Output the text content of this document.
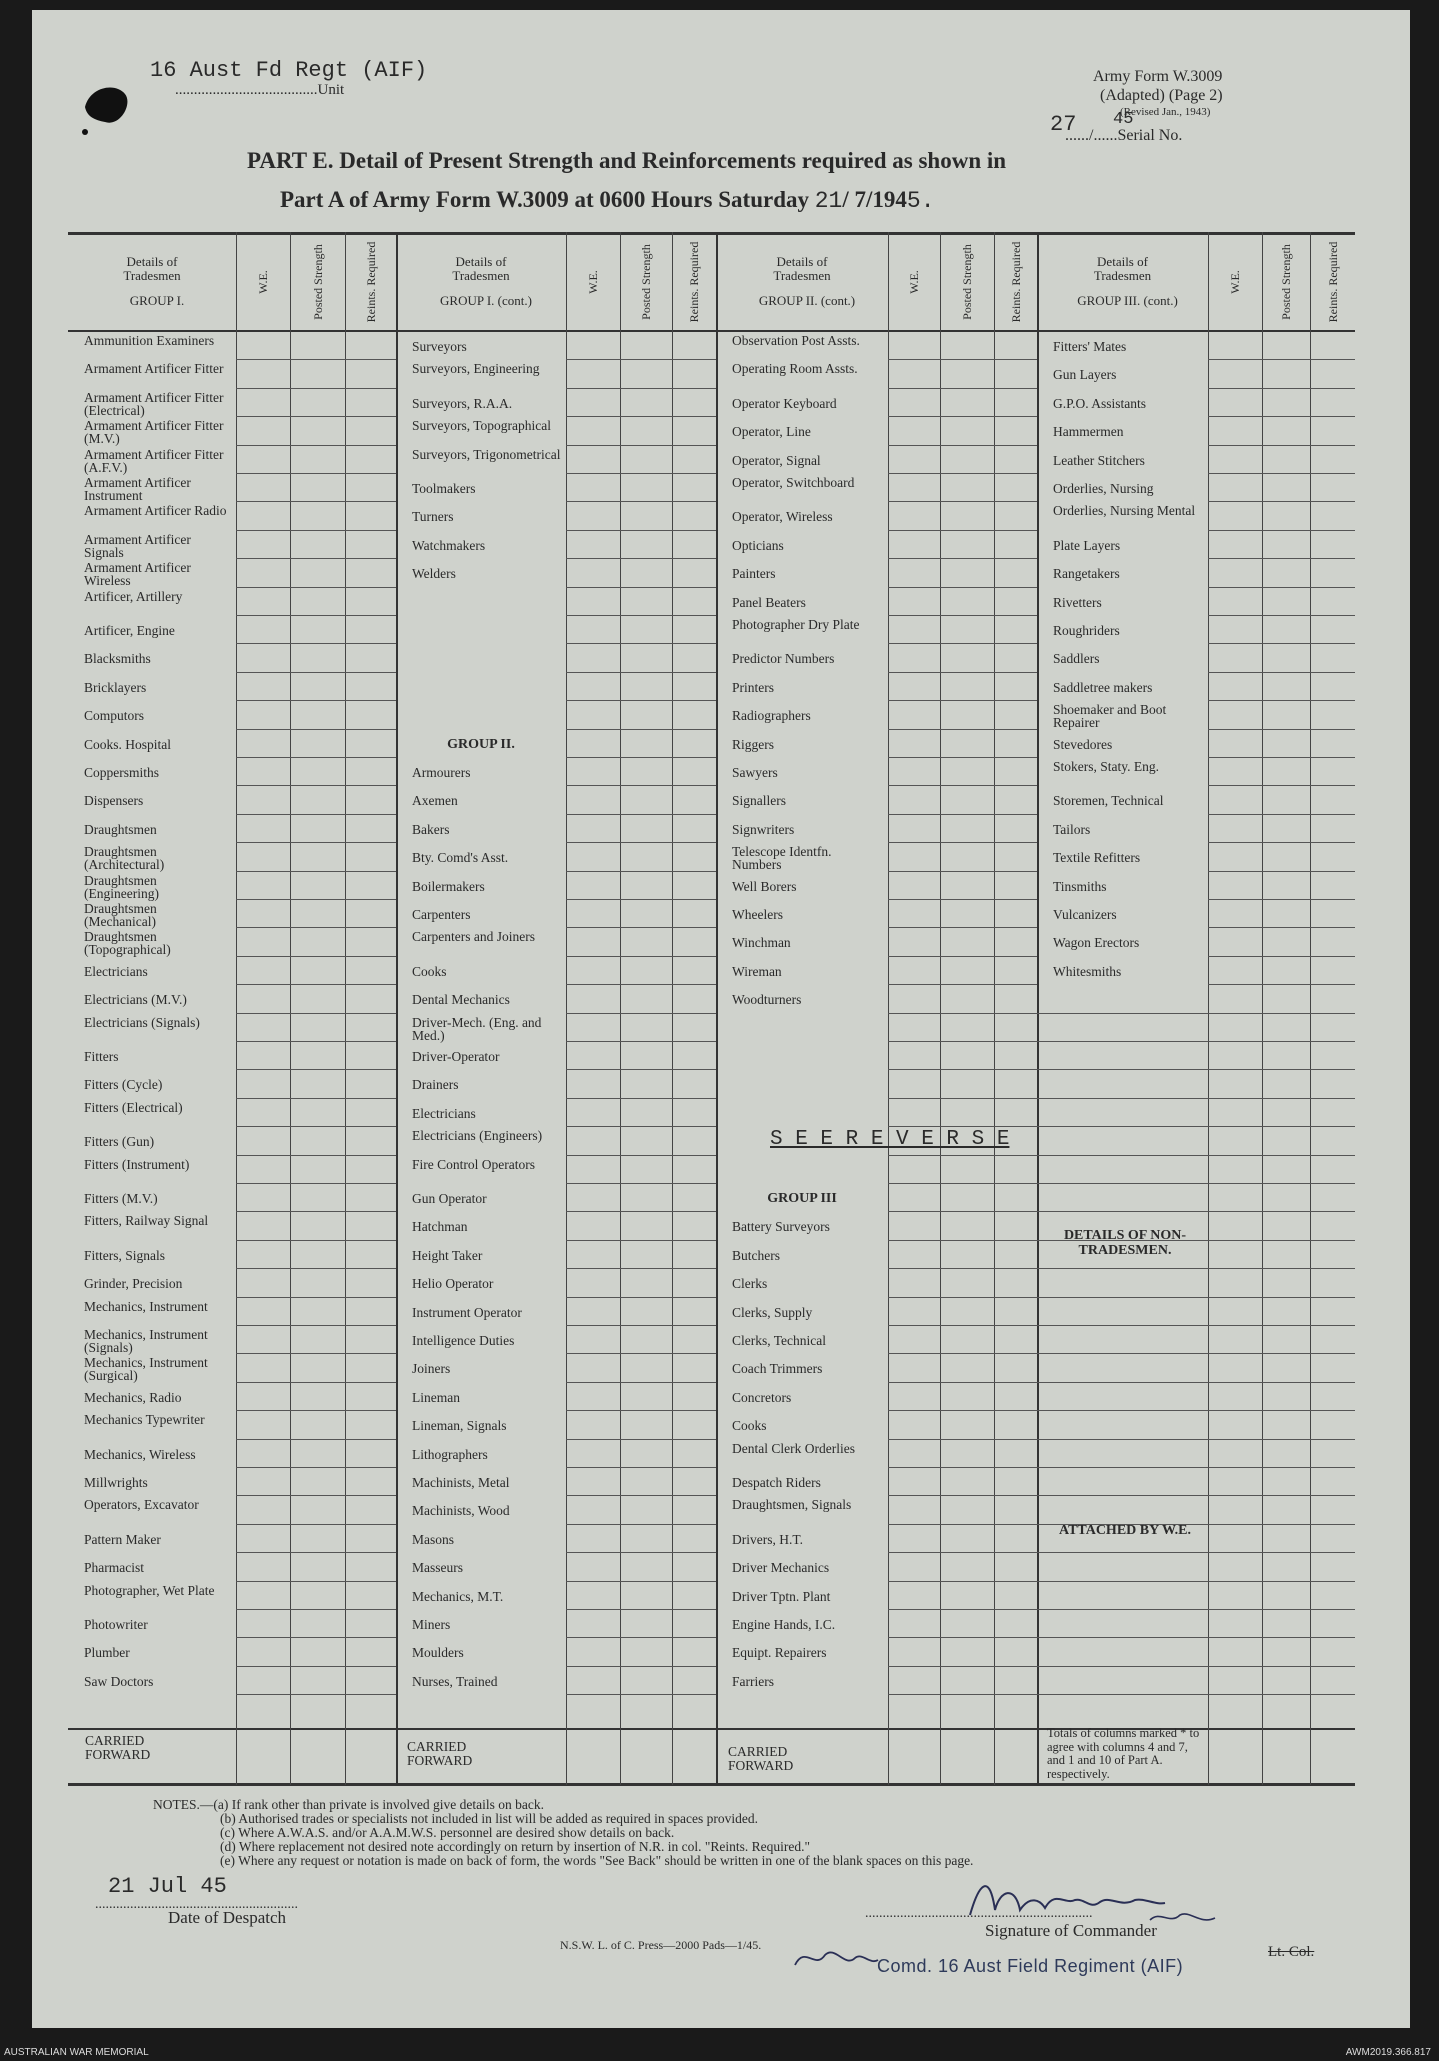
16 Aust Fd Regt (AIF)
......................................Unit
Army Form W.3009
(Adapted) (Page 2)
(Revised Jan., 1943)
45
27
....../......Serial No.
PART E. Detail of Present Strength and Reinforcements required as shown in
Part A of Army Form W.3009 at 0600 Hours Saturday 21/ 7/1945.
Details of
Tradesmen
GROUP I.
W.E.	Posted Strength	Reints. Required
Ammunition Examiners
Armament Artificer Fitter
Armament Artificer Fitter (Electrical)
Armament Artificer Fitter (M.V.)
Armament Artificer Fitter (A.F.V.)
Armament Artificer Instrument
Armament Artificer Radio
Armament Artificer Signals
Armament Artificer Wireless
Artificer, Artillery
Artificer, Engine
Blacksmiths
Bricklayers
Computors
Cooks. Hospital
Coppersmiths
Dispensers
Draughtsmen
Draughtsmen (Architectural)
Draughtsmen (Engineering)
Draughtsmen (Mechanical)
Draughtsmen (Topographical)
Electricians
Electricians (M.V.)
Electricians (Signals)
Fitters
Fitters (Cycle)
Fitters (Electrical)
Fitters (Gun)
Fitters (Instrument)
Fitters (M.V.)
Fitters, Railway Signal
Fitters, Signals
Grinder, Precision
Mechanics, Instrument
Mechanics, Instrument (Signals)
Mechanics, Instrument (Surgical)
Mechanics, Radio
Mechanics Typewriter
Mechanics, Wireless
Millwrights
Operators, Excavator
Pattern Maker
Pharmacist
Photographer, Wet Plate
Photowriter
Plumber
Saw Doctors
Details of
Tradesmen
GROUP I. (cont.)
W.E.	Posted Strength	Reints. Required
Surveyors
Surveyors, Engineering
Surveyors, R.A.A.
Surveyors, Topographical
Surveyors, Trigonometrical
Toolmakers
Turners
Watchmakers
Welders
GROUP II.
Armourers
Axemen
Bakers
Bty. Comd's Asst.
Boilermakers
Carpenters
Carpenters and Joiners
Cooks
Dental Mechanics
Driver-Mech. (Eng. and Med.)
Driver-Operator
Drainers
Electricians
Electricians (Engineers)
Fire Control Operators
Gun Operator
Hatchman
Height Taker
Helio Operator
Instrument Operator
Intelligence Duties
Joiners
Lineman
Lineman, Signals
Lithographers
Machinists, Metal
Machinists, Wood
Masons
Masseurs
Mechanics, M.T.
Miners
Moulders
Nurses, Trained
Details of
Tradesmen
GROUP II. (cont.)
W.E.	Posted Strength	Reints. Required
Observation Post Assts.
Operating Room Assts.
Operator Keyboard
Operator, Line
Operator, Signal
Operator, Switchboard
Operator, Wireless
Opticians
Painters
Panel Beaters
Photographer Dry Plate
Predictor Numbers
Printers
Radiographers
Riggers
Sawyers
Signallers
Signwriters
Telescope Identfn. Numbers
Well Borers
Wheelers
Winchman
Wireman
Woodturners
GROUP III
Battery Surveyors
Butchers
Clerks
Clerks, Supply
Clerks, Technical
Coach Trimmers
Concretors
Cooks
Dental Clerk Orderlies
Despatch Riders
Draughtsmen, Signals
Drivers, H.T.
Driver Mechanics
Driver Tptn. Plant
Engine Hands, I.C.
Equipt. Repairers
Farriers
Details of
Tradesmen
GROUP III. (cont.)
W.E.	Posted Strength	Reints. Required
Fitters' Mates
Gun Layers
G.P.O. Assistants
Hammermen
Leather Stitchers
Orderlies, Nursing
Orderlies, Nursing Mental
Plate Layers
Rangetakers
Rivetters
Roughriders
Saddlers
Saddletree makers
Shoemaker and Boot Repairer
Stevedores
Stokers, Staty. Eng.
Storemen, Technical
Tailors
Textile Refitters
Tinsmiths
Vulcanizers
Wagon Erectors
Whitesmiths
S E E R E V E R S E
DETAILS OF NON-TRADESMEN.
ATTACHED BY W.E.
Totals of columns marked * to agree with columns 4 and 7, and 1 and 10 of Part A. respectively.
CARRIED FORWARD
CARRIED FORWARD
CARRIED FORWARD
NOTES.—(a) If rank other than private is involved give details on back.
(b) Authorised trades or specialists not included in list will be added as required in spaces provided.
(c) Where A.W.A.S. and/or A.A.M.W.S. personnel are desired show details on back.
(d) Where replacement not desired note accordingly on return by insertion of N.R. in col. "Reints. Required."
(e) Where any request or notation is made on back of form, the words "See Back" should be written in one of the blank spaces on this page.
21 Jul 45
..........................................................
Date of Despatch	.................................................................
Signature of Commander
N.S.W. L. of C. Press—2000 Pads—1/45.	Lt. Col.
Comd. 16 Aust Field Regiment (AIF)
AUSTRALIAN WAR MEMORIAL	AWM2019.366.817
